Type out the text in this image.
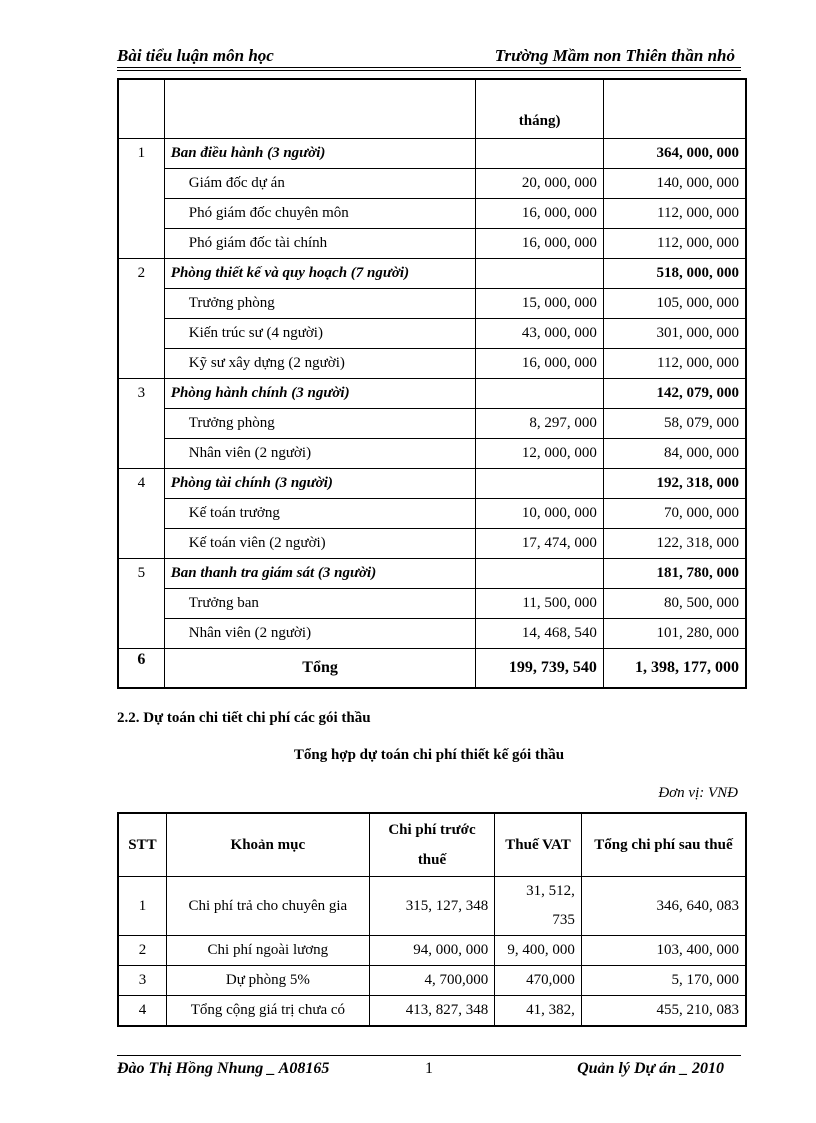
Bài tiểu luận môn học	Trường Mầm non Thiên thần nhỏ
		tháng)	
1	Ban điều hành (3 người)		364, 000, 000
	Giám đốc dự án	20, 000, 000	140, 000, 000
	Phó giám đốc chuyên môn	16, 000, 000	112, 000, 000
	Phó giám đốc tài chính	16, 000, 000	112, 000, 000
2	Phòng thiết kế và quy hoạch (7 người)		518, 000, 000
	Trưởng phòng	15, 000, 000	105, 000, 000
	Kiến trúc sư (4 người)	43, 000, 000	301, 000, 000
	Kỹ sư xây dựng (2 người)	16, 000, 000	112, 000, 000
3	Phòng hành chính (3 người)		142, 079, 000
	Trưởng phòng	8, 297, 000	58, 079, 000
	Nhân viên (2 người)	12, 000, 000	84, 000, 000
4	Phòng tài chính (3 người)		192, 318, 000
	Kế toán trưởng	10, 000, 000	70, 000, 000
	Kế toán viên (2 người)	17, 474, 000	122, 318, 000
5	Ban thanh tra giám sát (3 người)		181, 780, 000
	Trưởng ban	11, 500, 000	80, 500, 000
	Nhân viên (2 người)	14, 468, 540	101, 280, 000
6	Tổng	199, 739, 540	1, 398, 177, 000
2.2. Dự toán chi tiết chi phí các gói thầu
Tổng hợp dự toán chi phí thiết kế gói thầu
Đơn vị: VNĐ
STT	Khoản mục	Chi phí trước thuế	Thuế VAT	Tổng chi phí sau thuế
1	Chi phí trả cho chuyên gia	315, 127, 348	31, 512, 735	346, 640, 083
2	Chi phí ngoài lương	94, 000, 000	9, 400, 000	103, 400, 000
3	Dự phòng 5%	4, 700,000	470,000	5, 170, 000
4	Tổng cộng giá trị chưa có	413, 827, 348	41, 382,	455, 210, 083
Đào Thị Hồng Nhung _ A08165	1	Quản lý Dự án _ 2010
